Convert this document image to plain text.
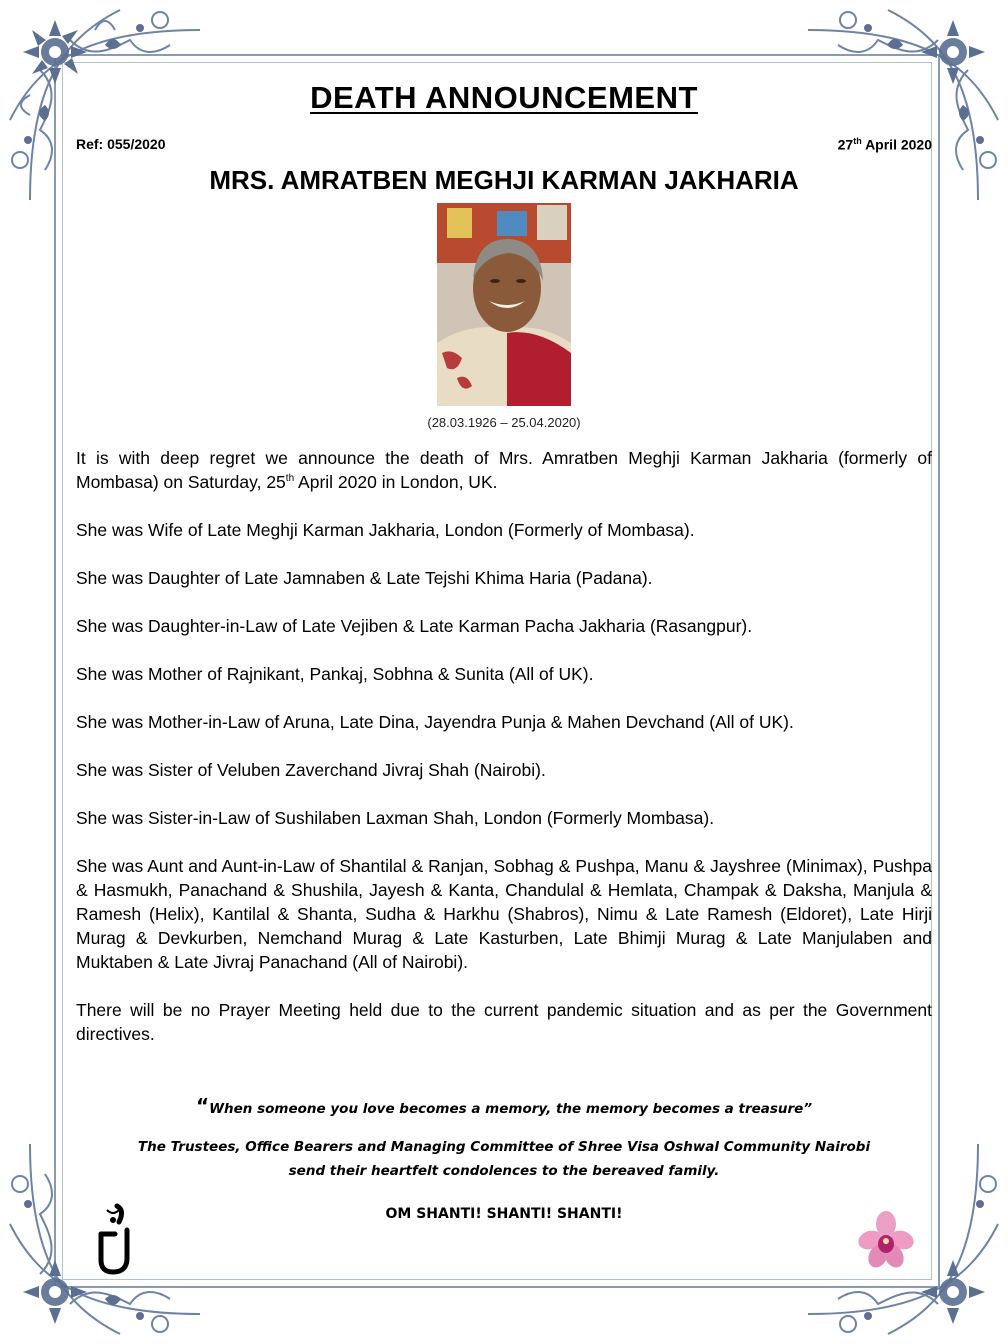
DEATH ANNOUNCEMENT
Ref: 055/2020	27th April 2020
MRS. AMRATBEN MEGHJI KARMAN JAKHARIA
(28.03.1926 – 25.04.2020)

It is with deep regret we announce the death of Mrs. Amratben Meghji Karman Jakharia (formerly of Mombasa) on Saturday, 25th April 2020 in London, UK.

She was Wife of Late Meghji Karman Jakharia, London (Formerly of Mombasa).

She was Daughter of Late Jamnaben & Late Tejshi Khima Haria (Padana).

She was Daughter-in-Law of Late Vejiben & Late Karman Pacha Jakharia (Rasangpur).

She was Mother of Rajnikant, Pankaj, Sobhna & Sunita (All of UK).

She was Mother-in-Law of Aruna, Late Dina, Jayendra Punja & Mahen Devchand (All of UK).

She was Sister of Veluben Zaverchand Jivraj Shah (Nairobi).

She was Sister-in-Law of Sushilaben Laxman Shah, London (Formerly Mombasa).

She was Aunt and Aunt-in-Law of Shantilal & Ranjan, Sobhag & Pushpa, Manu & Jayshree (Minimax), Pushpa & Hasmukh, Panachand & Shushila, Jayesh & Kanta, Chandulal & Hemlata, Champak & Daksha, Manjula & Ramesh (Helix), Kantilal & Shanta, Sudha & Harkhu (Shabros), Nimu & Late Ramesh (Eldoret), Late Hirji Murag & Devkurben, Nemchand Murag & Late Kasturben, Late Bhimji Murag & Late Manjulaben and Muktaben & Late Jivraj Panachand (All of Nairobi).

There will be no Prayer Meeting held due to the current pandemic situation and as per the Government directives.

“When someone you love becomes a memory, the memory becomes a treasure”
The Trustees, Office Bearers and Managing Committee of Shree Visa Oshwal Community Nairobi
send their heartfelt condolences to the bereaved family.
OM SHANTI! SHANTI! SHANTI!
